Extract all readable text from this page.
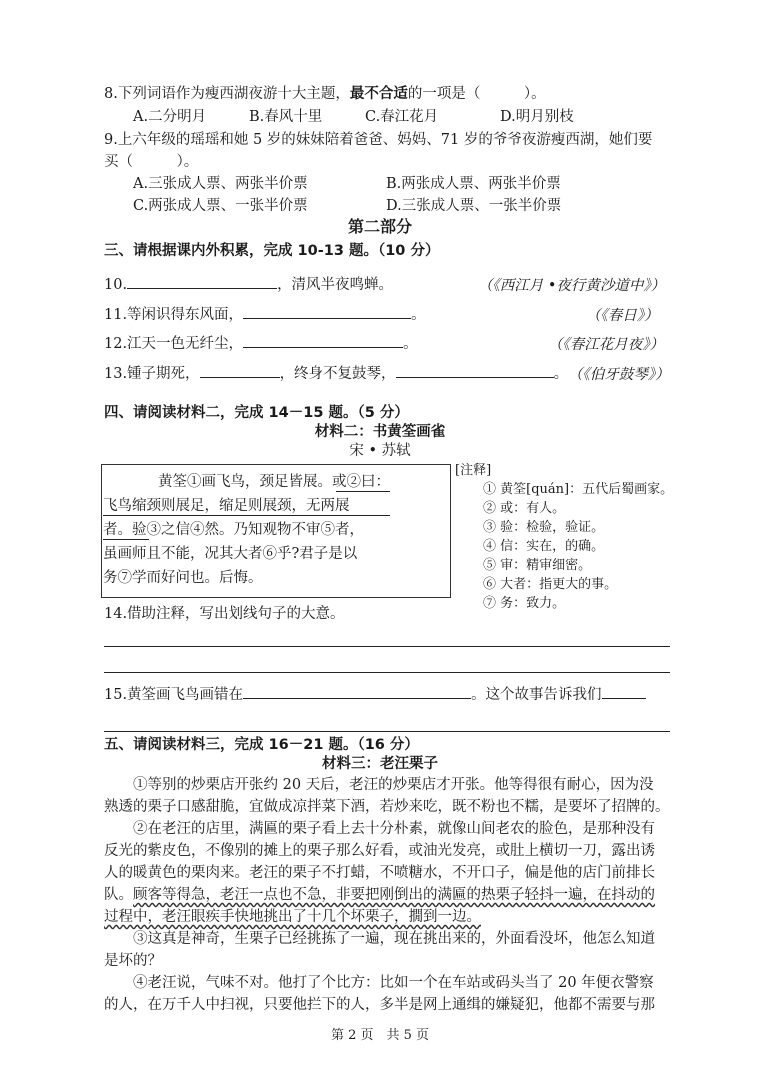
8.下列词语作为瘦西湖夜游十大主题，最不合适的一项是（　　　）。
A.二分明月	B.春风十里	C.春江花月	D.明月别枝
9.上六年级的瑶瑶和她 5 岁的妹妹陪着爸爸、妈妈、71 岁的爷爷夜游瘦西湖，她们要
买（　　　）。
A.三张成人票、两张半价票	B.两张成人票、两张半价票
C.两张成人票、一张半价票	D.三张成人票、一张半价票
第二部分
三、请根据课内外积累，完成 10-13 题。（10 分）
10.	，清风半夜鸣蝉。	（《西江月 •夜行黄沙道中》）
11.等闲识得东风面，	。	（《春日》）
12.江天一色无纤尘，	。	（《春江花月夜》）
13.锺子期死，	，终身不复鼓琴，	。 （《伯牙鼓琴》）
四、请阅读材料二，完成 14－15 题。（5 分）
材料二：书黄筌画雀
宋 • 苏轼
黄筌①画飞鸟，颈足皆展。或②曰：
飞鸟缩颈则展足，缩足则展颈，无两展
者。验③之信④然。乃知观物不审⑤者，
虽画师且不能，况其大者⑥乎?君子是以
务⑦学而好问也。后悔。
[注释]
① 黄筌[quán]：五代后蜀画家。
② 或：有人。
③ 验：检验，验证。
④ 信：实在，的确。
⑤ 审：精审细密。
⑥ 大者：指更大的事。
⑦ 务：致力。
14.借助注释，写出划线句子的大意。
15.黄筌画飞鸟画错在	。这个故事告诉我们
五、请阅读材料三，完成 16－21 题。（16 分）
材料三：老汪栗子
①等别的炒栗店开张约 20 天后，老汪的炒栗店才开张。他等得很有耐心，因为没
熟透的栗子口感甜脆，宜做成凉拌菜下酒，若炒来吃，既不粉也不糯，是要坏了招牌的。
②在老汪的店里，满匾的栗子看上去十分朴素，就像山间老农的脸色，是那种没有
反光的紫皮色，不像别的摊上的栗子那么好看，或油光发亮，或肚上横切一刀，露出诱
人的暖黄色的栗肉来。老汪的栗子不打蜡，不喷糖水，不开口子，偏是他的店门前排长
队。顾客等得急，老汪一点也不急，非要把刚倒出的满匾的热栗子轻抖一遍，在抖动的
过程中，老汪眼疾手快地挑出了十几个坏栗子，撊到一边。
③这真是神奇，生栗子已经挑拣了一遍，现在挑出来的，外面看没坏，他怎么知道
是坏的？
④老汪说，气味不对。他打了个比方：比如一个在车站或码头当了 20 年便衣警察
的人，在万千人中扫视，只要他拦下的人，多半是网上通缉的嫌疑犯，他都不需要与那
第 2 页　共 5 页
